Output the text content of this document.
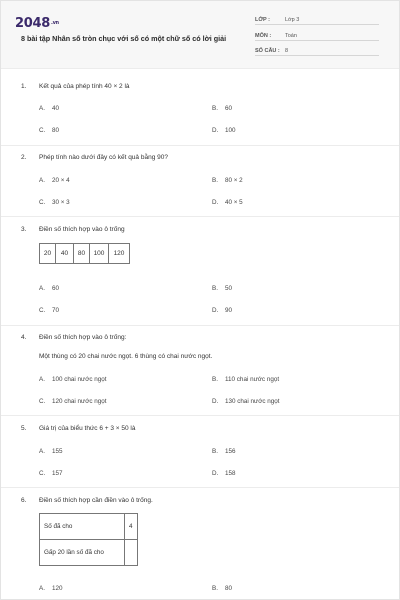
$2048^{.vn}$
8 bài tập Nhân số tròn chục với số có một chữ số có lời giải
LỚP :	Lớp 3
MÔN :	Toán
SỐ CÂU : 8
1. Kết quả của phép tính 40 × 2 là
A. 40	B. 60
C. 80	D. 100
2. Phép tính nào dưới đây có kết quả bằng 90?
A. 20 × 4	B. 80 × 2
C. 30 × 3	D. 40 × 5
3. Điền số thích hợp vào ô trống
20	40	80	100	120
A. 60	B. 50
C. 70	D. 90
4. Điền số thích hợp vào ô trống:
Một thùng có 20 chai nước ngọt. 6 thùng có chai nước ngọt.
A. 100 chai nước ngọt	B. 110 chai nước ngọt
C. 120 chai nước ngọt	D. 130 chai nước ngọt
5. Giá trị của biểu thức 6 + 3 × 50 là
A. 155	B. 156
C. 157	D. 158
6. Điền số thích hợp cần điền vào ô trống.
Số đã cho	4
Gấp 20 lần số đã cho	
A. 120	B. 80
